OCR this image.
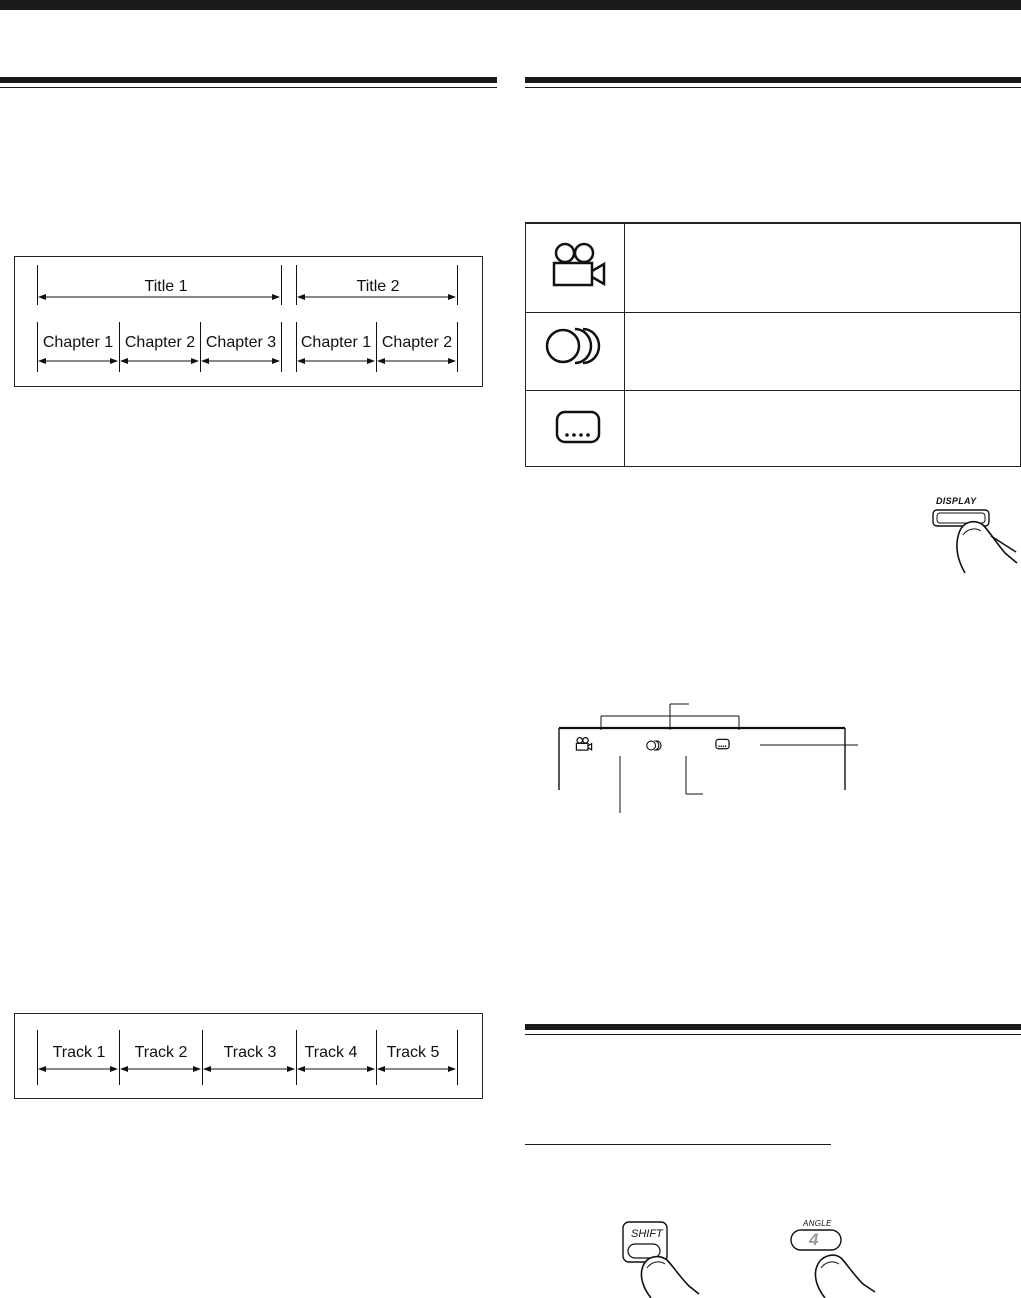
Title 1	Title 2
Chapter 1 Chapter 2 Chapter 3 Chapter 1 Chapter 2
Track 1 Track 2 Track 3 Track 4 Track 5
DISPLAY
SHIFT
ANGLE
4
